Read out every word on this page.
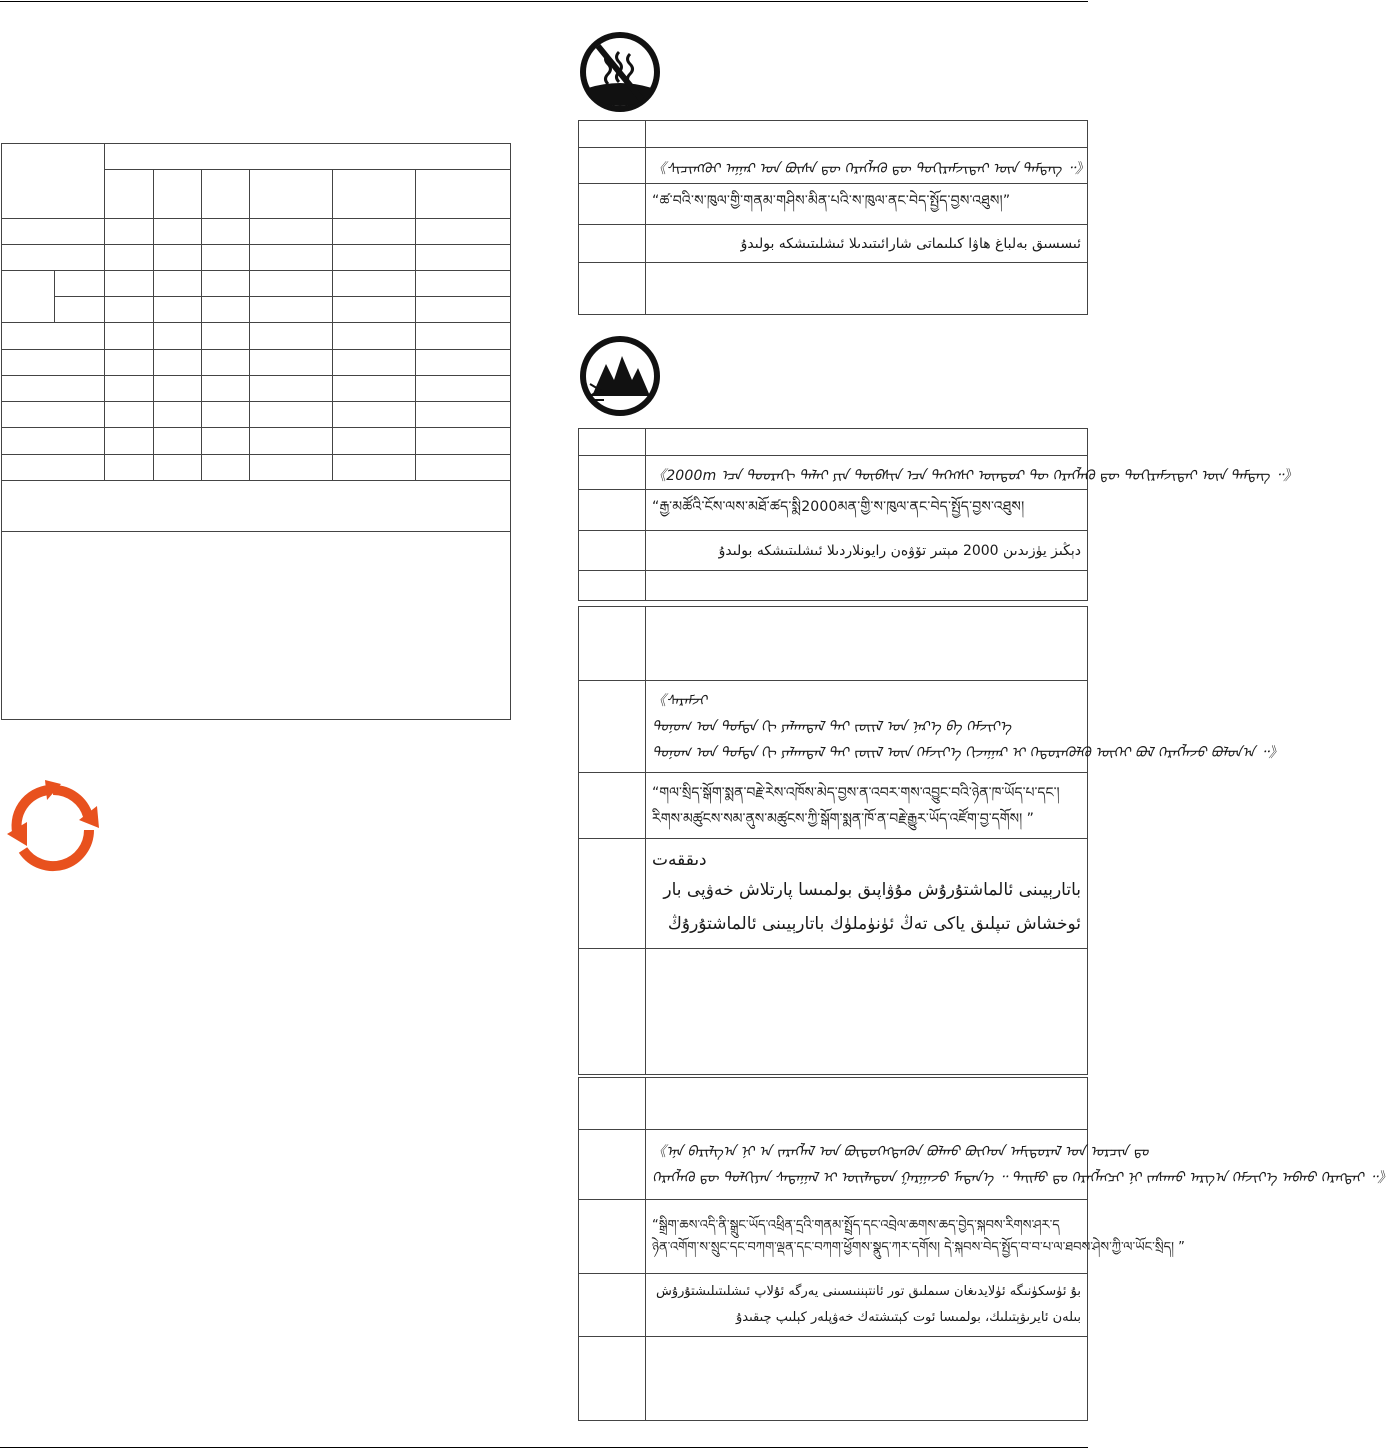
	《ᠰᠢᠴᠢᠩᠭᠦᠢ ᠠᠭᠠᠷ ᠤᠨ ᠪᠦᠰᠡ ᠳᠦ ᠬᠡᠷᠡᠭᠯᠡᠬᠦ ᠳᠦ ᠲᠣᠬᠢᠷᠠᠮᠵᠢᠲᠠᠢ ᠦᠨ ᠲᠡᠮᠳᠡᠭ ᠃》
	“ཚ་བའི་ས་ཁུལ་གྱི་གནམ་གཤིས་མིན་པའི་ས་ཁུལ་ནང་བེད་སྤྱོད་བྱས་འཐུས།”
	ئىسسىق بەلباغ ھاۋا كىلىماتى شارائىتىدىلا ئىشلىتىشكە بولىدۇ

	《2000m ᠡᠴᠡ ᠳᠣᠣᠷᠠᠬᠢ ᠳᠠᠯᠠᠢ ᠶᠢᠨ ᠲᠦᠪᠰᠢᠨ ᠡᠴᠡ ᠳᠡᠭᠡᠭᠰᠢ ᠥᠨᠳᠦᠷ ᠲᠦ ᠬᠡᠷᠡᠭᠯᠡᠬᠦ ᠳᠦ ᠲᠣᠬᠢᠷᠠᠮᠵᠢᠲᠠᠢ ᠦᠨ ᠲᠡᠮᠳᠡᠭ ᠃》
	“རྒྱ་མཚོའི་ངོས་ལས་མཐོ་ཚད་སྨི2000མན་གྱི་ས་ཁུལ་ནང་བེད་སྤྱོད་བྱས་འཐུས།
	دېڭىز يۈزىدىن 2000 مېتىر تۆۋەن رايونلاردىلا ئىشلىتىشكە بولىدۇ

	《ᠰᠡᠷᠡᠮᠵᠢ
ᠲᠣᠨᠣᠭ ᠤᠨ ᠳᠤᠮᠳᠠ ᠬᠢ ᠶᠠᠯᠠᠭᠳᠠᠯ ᠲᠠᠢ ᠵᠦᠢᠯ ᠤᠨ ᠨᠡᠷ᠎ᠡ ᠪᠠ ᠬᠡᠮᠵᠢᠶ᠎ᠡ
ᠲᠣᠨᠣᠭ ᠤᠨ ᠳᠤᠮᠳᠠ ᠬᠢ ᠶᠠᠯᠠᠭᠳᠠᠯ ᠲᠠᠢ ᠵᠦᠢᠯ ᠦᠨ ᠬᠡᠮᠵᠢᠶ᠎ᠡ ᠬᠢᠵᠠᠭᠠᠷ ᠢ ᠬᠡᠲᠦᠷᠡᠭᠦᠯᠬᠦ ᠦᠭᠡᠢ ᠪᠣᠯ ᠬᠡᠷᠡᠭᠯᠡᠵᠦ ᠪᠣᠯᠣᠨ᠎ᠠ ᠃》

	“གལ་སྲིད་སྒོག་སྨན་བརྗེ་རེས་འཁོས་མེད་བྱས་ན་འབར་གས་འབྱུང་བའི་ཉེན་ཁ་ཡོད་པ་དང་།
རིགས་མཚུངས་སམ་ནུས་མཚུངས་ཀྱི་སྒོག་སྨན་ཁོ་ན་བརྗེ་རྒྱུར་ཡོད་འཛོག་བྱ་དགོས། ”

	دىققەت
باتارېيىنى ئالماشتۇرۇش مۇۋاپىق بولمىسا پارتلاش خەۋپى بار
ئوخشاش تىپلىق ياكى تەڭ ئۈنۈملۈك باتارېيىنى ئالماشتۇرۇڭ

	《ᠡᠨᠡ ᠪᠠᠷᠢᠯᠭ᠎ᠠ ᠨᠢ ᠠ ᠵᠡᠷᠡᠭᠯᠡᠯ ᠤᠨ ᠪᠦᠲᠦᠭᠡᠭᠳᠡᠬᠦᠨ ᠪᠣᠯᠬᠤ ᠪᠥᠭᠡᠳ ᠠᠮᠢᠳᠤᠷᠠᠯ ᠤᠨ ᠣᠷᠴᠢᠨ ᠳᠤ
ᠬᠡᠷᠡᠭᠯᠡᠬᠦ ᠳᠦ ᠳᠣᠯᠭᠢᠶᠠᠨ ᠰᠠᠳᠠᠭᠠᠯ ᠢ ᠦᠢᠯᠡᠳᠦᠨ ᠭᠠᠷᠭᠠᠵᠤ ᠮᠡᠳᠡᠨ᠎ᠡ ᠃ ᠲᠡᠢᠮᠦ ᠳᠤ ᠬᠡᠷᠡᠭᠯᠡᠭᠴᠢ ᠨᠢ ᠵᠠᠰᠠᠬᠤ ᠠᠷᠭ᠎ᠠ ᠬᠡᠮᠵᠢᠶ᠎ᠡ ᠠᠪᠬᠤ ᠬᠡᠷᠡᠭᠲᠡᠢ ᠃》

	“སྒྲིག་ཆས་འདི་ནི་སྒྲུང་ཡོད་འཕྲིན་དྲའི་གནམ་སྤྲོད་དང་འབྲེལ་ཆགས་ཆད་བྱེད་སྐབས་རིགས་ཤར་ད
ཉེན་འགོག་ས་སྲུང་དང་བཀག་ལྡན་དང་བཀག་ཕྱོགས་སྣུད་ཀར་དགོས། དེ་སྐབས་བེད་སྤྱོད་བ་བ་པ་ལ་ཐབས་ཤེས་ཀྱི་ལ་ཡོང་སྲིད། ”

	بۇ ئۈسكۈنىگە ئۈلايدىغان سىملىق تور ئانتېننىسىنى يەرگە ئۇلاپ ئىشلىتىلىشتۇرۇش
بىلەن ئايرىۋېتىلىك، بولمىسا ئوت كېتىشتەك خەۋپلەر كېلىپ چىقىدۇ
